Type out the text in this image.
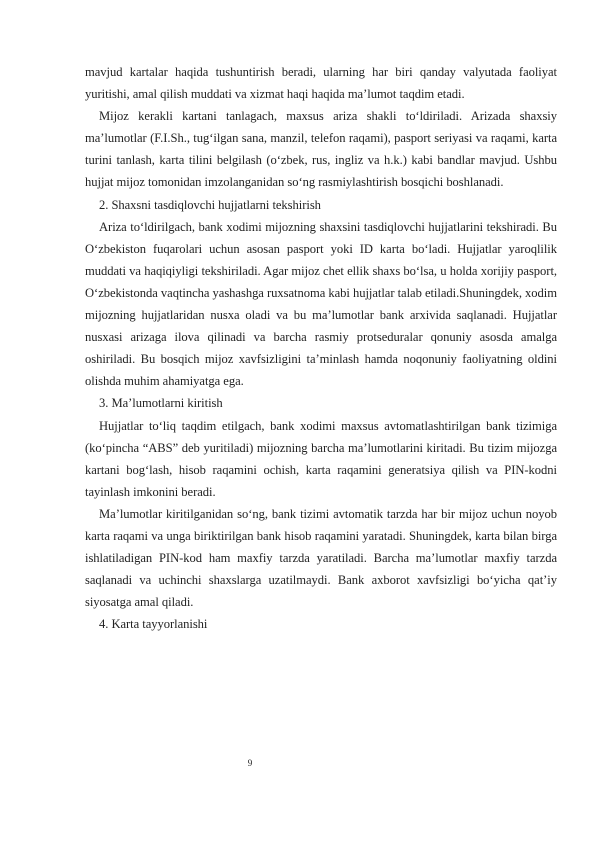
mavjud kartalar haqida tushuntirish beradi, ularning har biri qanday valyutada faoliyat yuritishi, amal qilish muddati va xizmat haqi haqida ma’lumot taqdim etadi.

Mijoz kerakli kartani tanlagach, maxsus ariza shakli to‘ldiriladi. Arizada shaxsiy ma’lumotlar (F.I.Sh., tug‘ilgan sana, manzil, telefon raqami), pasport seriyasi va raqami, karta turini tanlash, karta tilini belgilash (o‘zbek, rus, ingliz va h.k.) kabi bandlar mavjud. Ushbu hujjat mijoz tomonidan imzolanganidan so‘ng rasmiylashtirish bosqichi boshlanadi.

2. Shaxsni tasdiqlovchi hujjatlarni tekshirish

Ariza to‘ldirilgach, bank xodimi mijozning shaxsini tasdiqlovchi hujjatlarini tekshiradi. Bu O‘zbekiston fuqarolari uchun asosan pasport yoki ID karta bo‘ladi. Hujjatlar yaroqlilik muddati va haqiqiyligi tekshiriladi. Agar mijoz chet ellik shaxs bo‘lsa, u holda xorijiy pasport, O‘zbekistonda vaqtincha yashashga ruxsatnoma kabi hujjatlar talab etiladi.Shuningdek, xodim mijozning hujjatlaridan nusxa oladi va bu ma’lumotlar bank arxivida saqlanadi. Hujjatlar nusxasi arizaga ilova qilinadi va barcha rasmiy protseduralar qonuniy asosda amalga oshiriladi. Bu bosqich mijoz xavfsizligini ta’minlash hamda noqonuniy faoliyatning oldini olishda muhim ahamiyatga ega.

3. Ma’lumotlarni kiritish

Hujjatlar to‘liq taqdim etilgach, bank xodimi maxsus avtomatlashtirilgan bank tizimiga (ko‘pincha “ABS” deb yuritiladi) mijozning barcha ma’lumotlarini kiritadi. Bu tizim mijozga kartani bog‘lash, hisob raqamini ochish, karta raqamini generatsiya qilish va PIN-kodni tayinlash imkonini beradi.

Ma’lumotlar kiritilganidan so‘ng, bank tizimi avtomatik tarzda har bir mijoz uchun noyob karta raqami va unga biriktirilgan bank hisob raqamini yaratadi. Shuningdek, karta bilan birga ishlatiladigan PIN-kod ham maxfiy tarzda yaratiladi. Barcha ma’lumotlar maxfiy tarzda saqlanadi va uchinchi shaxslarga uzatilmaydi. Bank axborot xavfsizligi bo‘yicha qat’iy siyosatga amal qiladi.

4. Karta tayyorlanishi

9
